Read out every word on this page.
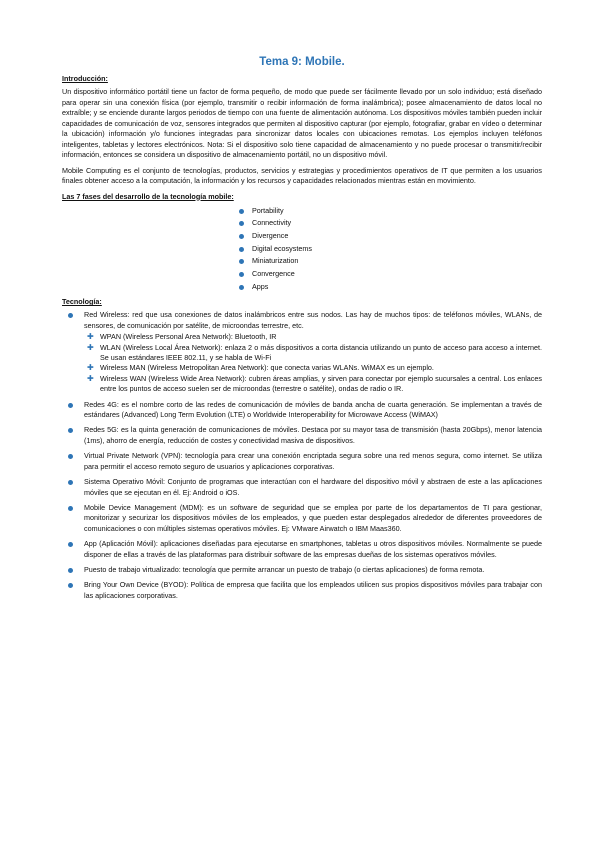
Tema 9: Mobile.
Introducción:
Un dispositivo informático portátil tiene un factor de forma pequeño, de modo que puede ser fácilmente llevado por un solo individuo; está diseñado para operar sin una conexión física (por ejemplo, transmitir o recibir información de forma inalámbrica); posee almacenamiento de datos local no extraíble; y se enciende durante largos periodos de tiempo con una fuente de alimentación autónoma. Los dispositivos móviles también pueden incluir capacidades de comunicación de voz, sensores integrados que permiten al dispositivo capturar (por ejemplo, fotografiar, grabar en vídeo o determinar la ubicación) información y/o funciones integradas para sincronizar datos locales con ubicaciones remotas. Los ejemplos incluyen teléfonos inteligentes, tabletas y lectores electrónicos. Nota: Si el dispositivo solo tiene capacidad de almacenamiento y no puede procesar o transmitir/recibir información, entonces se considera un dispositivo de almacenamiento portátil, no un dispositivo móvil.
Mobile Computing es el conjunto de tecnologías, productos, servicios y estrategias y procedimientos operativos de IT que permiten a los usuarios finales obtener acceso a la computación, la información y los recursos y capacidades relacionados mientras están en movimiento.
Las 7 fases del desarrollo de la tecnología mobile:
Portability
Connectivity
Divergence
Digital ecosystems
Miniaturization
Convergence
Apps
Tecnología:
Red Wireless: red que usa conexiones de datos inalámbricos entre sus nodos. Las hay de muchos tipos: de teléfonos móviles, WLANs, de sensores, de comunicación por satélite, de microondas terrestre, etc.
✚ WPAN (Wireless Personal Area Network): Bluetooth, IR
✚ WLAN (Wireless Local Área Network): enlaza 2 o más dispositivos a corta distancia utilizando un punto de acceso para acceso a internet. Se usan estándares IEEE 802.11, y se habla de Wi-Fi
✚ Wireless MAN (Wireless Metropolitan Area Network): que conecta varias WLANs. WiMAX es un ejemplo.
✚ Wireless WAN (Wireless Wide Area Network): cubren áreas amplias, y sirven para conectar por ejemplo sucursales a central. Los enlaces entre los puntos de acceso suelen ser de microondas (terrestre o satélite), ondas de radio o IR.
Redes 4G: es el nombre corto de las redes de comunicación de móviles de banda ancha de cuarta generación. Se implementan a través de estándares (Advanced) Long Term Evolution (LTE) o Worldwide Interoperability for Microwave Access (WiMAX)
Redes 5G: es la quinta generación de comunicaciones de móviles. Destaca por su mayor tasa de transmisión (hasta 20Gbps), menor latencia (1ms), ahorro de energía, reducción de costes y conectividad masiva de dispositivos.
Virtual Private Network (VPN): tecnología para crear una conexión encriptada segura sobre una red menos segura, como internet. Se utiliza para permitir el acceso remoto seguro de usuarios y aplicaciones corporativas.
Sistema Operativo Móvil: Conjunto de programas que interactúan con el hardware del dispositivo móvil y abstraen de este a las aplicaciones móviles que se ejecutan en él. Ej: Android o iOS.
Mobile Device Management (MDM): es un software de seguridad que se emplea por parte de los departamentos de TI para gestionar, monitorizar y securizar los dispositivos móviles de los empleados, y que pueden estar desplegados alrededor de diferentes proveedores de comunicaciones o con múltiples sistemas operativos móviles. Ej: VMware Airwatch o IBM Maas360.
App (Aplicación Móvil): aplicaciones diseñadas para ejecutarse en smartphones, tabletas u otros dispositivos móviles. Normalmente se puede disponer de ellas a través de las plataformas para distribuir software de las empresas dueñas de los sistemas operativos móviles.
Puesto de trabajo virtualizado: tecnología que permite arrancar un puesto de trabajo (o ciertas aplicaciones) de forma remota.
Bring Your Own Device (BYOD): Política de empresa que facilita que los empleados utilicen sus propios dispositivos móviles para trabajar con las aplicaciones corporativas.
